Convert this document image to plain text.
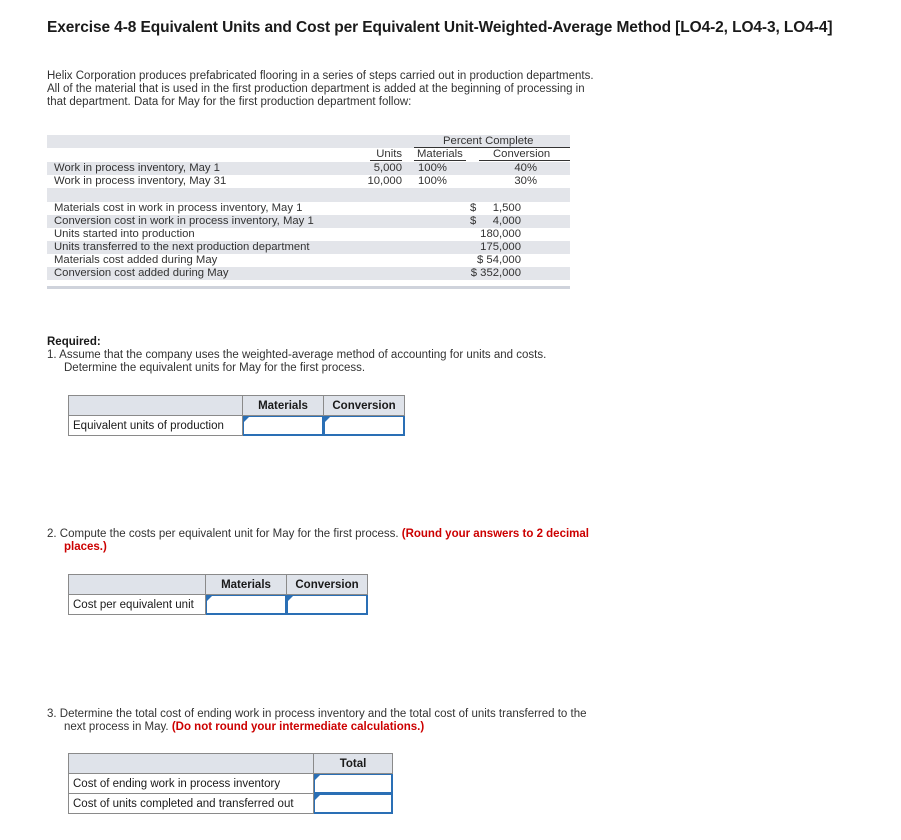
Exercise 4-8 Equivalent Units and Cost per Equivalent Unit-Weighted-Average Method [LO4-2, LO4-3, LO4-4]
Helix Corporation produces prefabricated flooring in a series of steps carried out in production departments.
All of the material that is used in the first production department is added at the beginning of processing in
that department. Data for May for the first production department follow:
Percent Complete
Units Materials	Conversion
Work in process inventory, May 1	5,000 100%	40%
Work in process inventory, May 31	10,000 100%	30%
Materials cost in work in process inventory, May 1	$	1,500
Conversion cost in work in process inventory, May 1	$	4,000
Units started into production	180,000
Units transferred to the next production department	175,000
Materials cost added during May	$ 54,000
Conversion cost added during May	$ 352,000
Required:
1. Assume that the company uses the weighted-average method of accounting for units and costs.
Determine the equivalent units for May for the first process.
	Materials	Conversion
Equivalent units of production	

2. Compute the costs per equivalent unit for May for the first process. (Round your answers to 2 decimal
places.)
	Materials	Conversion
Cost per equivalent unit	

3. Determine the total cost of ending work in process inventory and the total cost of units transferred to the
next process in May. (Do not round your intermediate calculations.)
	Total
Cost of ending work in process inventory	

Cost of units completed and transferred out	
